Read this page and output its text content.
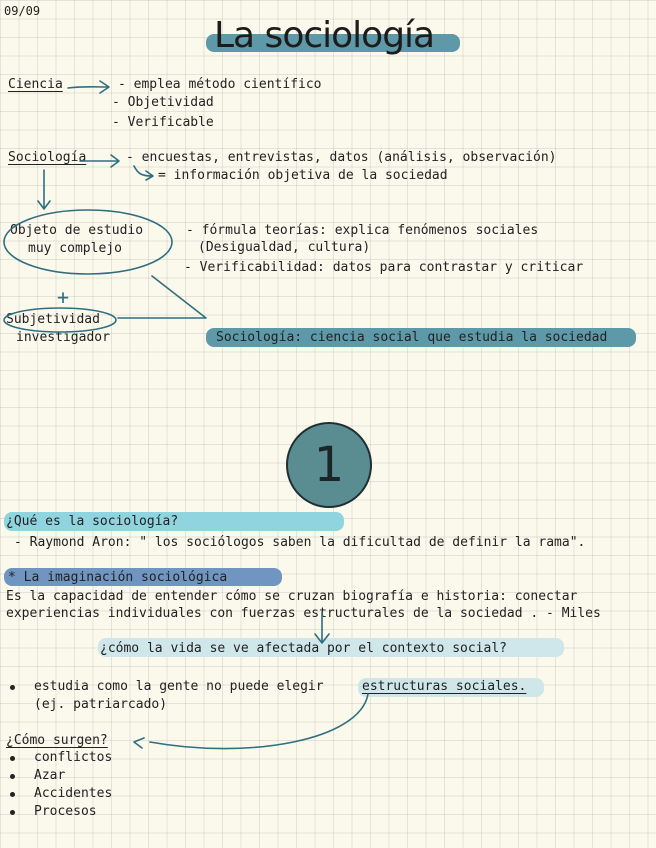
09/09
La sociología
Ciencia	- emplea método científico
- Objetividad
- Verificable
Sociología	- encuestas, entrevistas, datos (análisis, observación)
= información objetiva de la sociedad
Objeto de estudio
muy complejo
- fórmula teorías: explica fenómenos sociales
(Desigualdad, cultura)
- Verificabilidad: datos para contrastar y criticar
+
Subjetividad
investigador	Sociología: ciencia social que estudia la sociedad
1
¿Qué es la sociología?
- Raymond Aron: " los sociólogos saben la dificultad de definir la rama".
* La imaginación sociológica
Es la capacidad de entender cómo se cruzan biografía e historia: conectar
experiencias individuales con fuerzas estructurales de la sociedad . - Miles
¿cómo la vida se ve afectada por el contexto social?
estudia como la gente no puede elegir	estructuras sociales.
(ej. patriarcado)
¿Cómo surgen?
conflictos
Azar
Accidentes
Procesos
